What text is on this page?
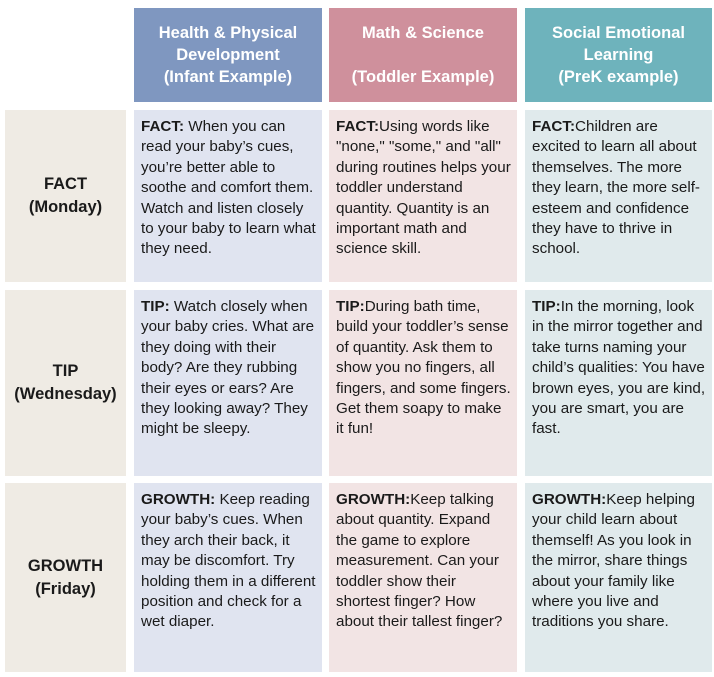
Health & Physical
Development
(Infant Example)
Math & Science
(Toddler Example)
Social Emotional
Learning
(PreK example)
FACT
(Monday)
FACT: When you can read your baby’s cues, you’re better able to soothe and comfort them. Watch and listen closely to your baby to learn what they need.
FACT:Using words like "none," "some," and "all" during routines helps your toddler understand quantity. Quantity is an important math and science skill.
FACT:Children are excited to learn all about themselves. The more they learn, the more self-esteem and confidence they have to thrive in school.
TIP
(Wednesday)
TIP: Watch closely when your baby cries. What are they doing with their body? Are they rubbing their eyes or ears? Are they looking away? They might be sleepy.
TIP:During bath time, build your toddler’s sense of quantity. Ask them to show you no fingers, all fingers, and some fingers. Get them soapy to make it fun!
TIP:In the morning, look in the mirror together and take turns naming your child’s qualities: You have brown eyes, you are kind, you are smart, you are fast.
GROWTH
(Friday)
GROWTH: Keep reading your baby’s cues. When they arch their back, it may be discomfort. Try holding them in a different position and check for a wet diaper.
GROWTH:Keep talking about quantity. Expand the game to explore measurement. Can your toddler show their shortest finger? How about their tallest finger?
GROWTH:Keep helping your child learn about themself! As you look in the mirror, share things about your family like where you live and traditions you share.
